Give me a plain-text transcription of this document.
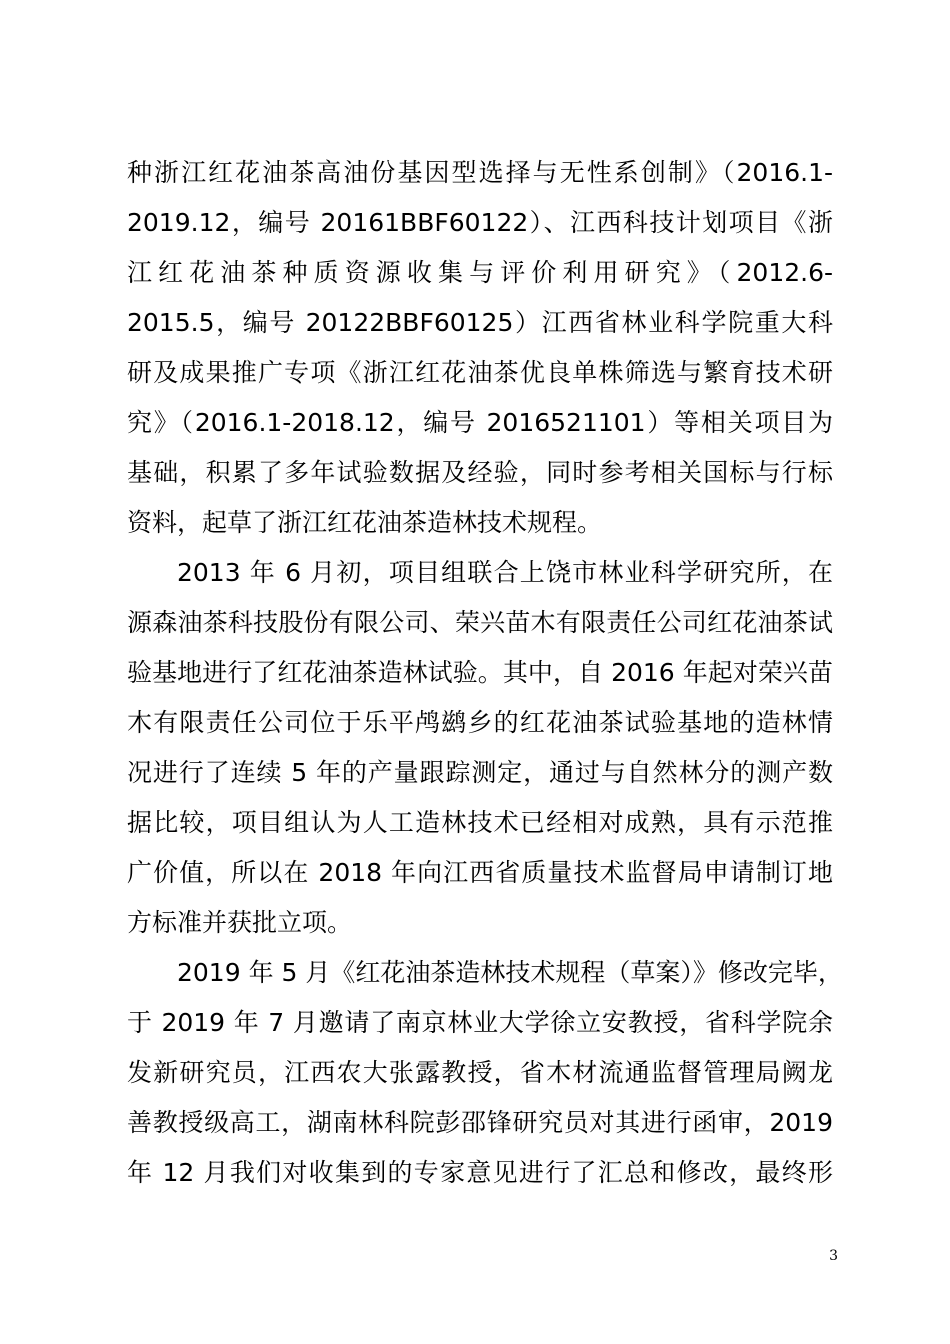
种浙江红花油茶高油份基因型选择与无性系创制》（2016.1-

2019.12，编号 20161BBF60122）、江西科技计划项目《浙

江红花油茶种质资源收集与评价利用研究》（2012.6-

2015.5，编号 20122BBF60125）江西省林业科学院重大科

研及成果推广专项《浙江红花油茶优良单株筛选与繁育技术研

究》（2016.1-2018.12，编号 2016521101）等相关项目为

基础，积累了多年试验数据及经验，同时参考相关国标与行标

资料，起草了浙江红花油茶造林技术规程。

2013 年 6 月初，项目组联合上饶市林业科学研究所，在

源森油茶科技股份有限公司、荣兴苗木有限责任公司红花油茶试

验基地进行了红花油茶造林试验。其中，自 2016 年起对荣兴苗

木有限责任公司位于乐平鸬鹚乡的红花油茶试验基地的造林情

况进行了连续 5 年的产量跟踪测定，通过与自然林分的测产数

据比较，项目组认为人工造林技术已经相对成熟，具有示范推

广价值，所以在 2018 年向江西省质量技术监督局申请制订地

方标准并获批立项。

2019 年 5 月《红花油茶造林技术规程（草案）》修改完毕，

于 2019 年 7 月邀请了南京林业大学徐立安教授，省科学院余

发新研究员，江西农大张露教授，省木材流通监督管理局阙龙

善教授级高工，湖南林科院彭邵锋研究员对其进行函审，2019

年 12 月我们对收集到的专家意见进行了汇总和修改，最终形

3
